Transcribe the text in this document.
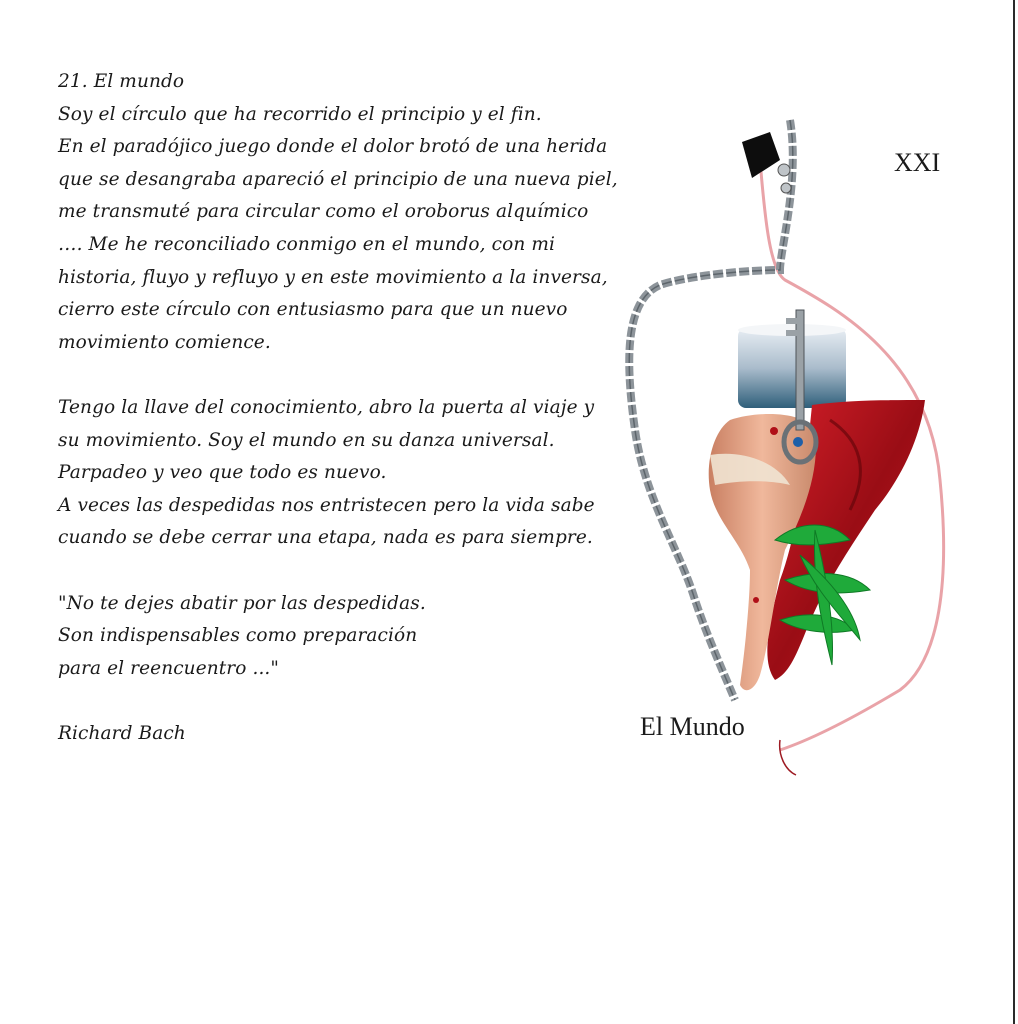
21. El mundo
Soy el círculo que ha recorrido el principio y el fin.
En el paradójico juego donde el dolor brotó de una herida
que se desangraba apareció el principio de una nueva piel,
me transmuté para circular como el oroborus alquímico
…. Me he reconciliado conmigo en el mundo, con mi
historia, fluyo y refluyo y en este movimiento a la inversa,
cierro este círculo con entusiasmo para que un nuevo
movimiento comience.
Tengo la llave del conocimiento, abro la puerta al viaje y
su movimiento. Soy el mundo en su danza universal.
Parpadeo y veo que todo es nuevo.
A veces las despedidas nos entristecen pero la vida sabe
cuando se debe cerrar una etapa, nada es para siempre.
"No te dejes abatir por las despedidas.
Son indispensables como preparación
para el reencuentro ..."
Richard Bach
XXI
El Mundo
